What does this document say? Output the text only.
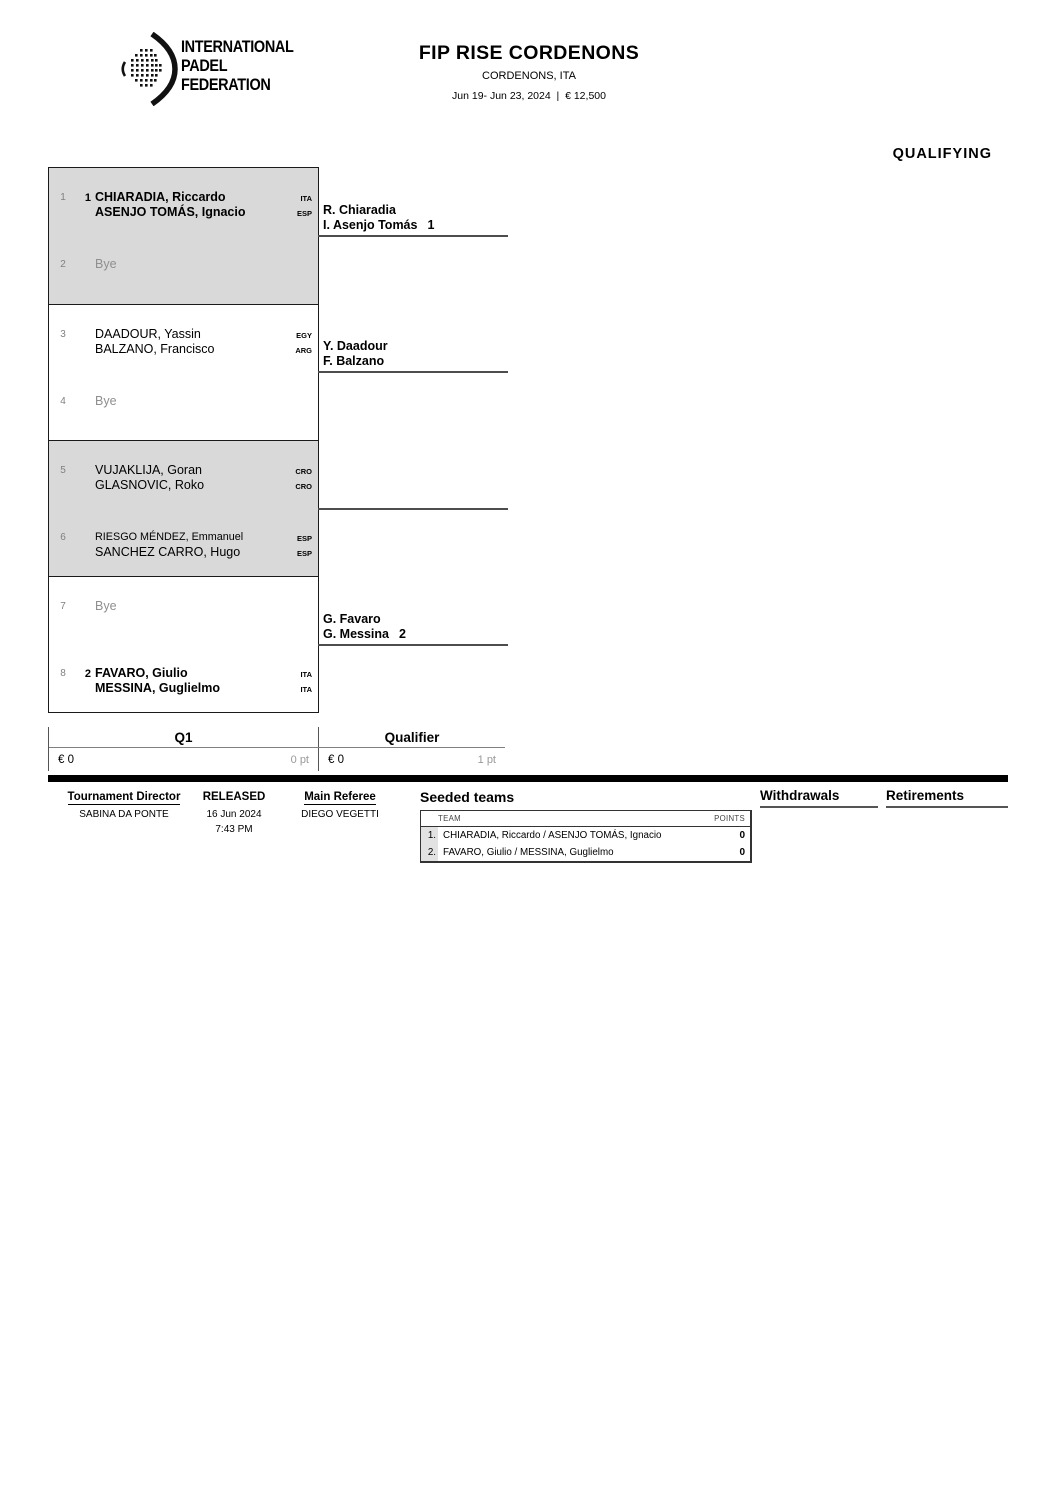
INTERNATIONAL
PADEL
FEDERATION
FIP RISE CORDENONS
CORDENONS, ITA
Jun 19- Jun 23, 2024  |  € 12,500
QUALIFYING
1	1 CHIARADIA, Riccardo
ASENJO TOMÁS, Ignacio
ITA
ESP
2	Bye
3	DAADOUR, Yassin
BALZANO, Francisco
EGY
ARG
4	Bye
5	VUJAKLIJA, Goran
GLASNOVIC, Roko
CRO
CRO
6	RIESGO MÉNDEZ, Emmanuel
SANCHEZ CARRO, Hugo
ESP
ESP
7	Bye
8	2 FAVARO, Giulio
MESSINA, Guglielmo
ITA
ITA
R. Chiaradia
I. Asenjo Tomás 1
Y. Daadour
F. Balzano
G. Favaro
G. Messina 2
Q1	Qualifier
€ 0	0 pt € 0	1 pt
Tournament Director
SABINA DA PONTE
RELEASED
16 Jun 2024
7:43 PM
Main Referee
DIEGO VEGETTI
Seeded teams
TEAM	POINTS
1. CHIARADIA, Riccardo / ASENJO TOMÁS, Ignacio	0
2. FAVARO, Giulio / MESSINA, Guglielmo	0
Withdrawals	Retirements
